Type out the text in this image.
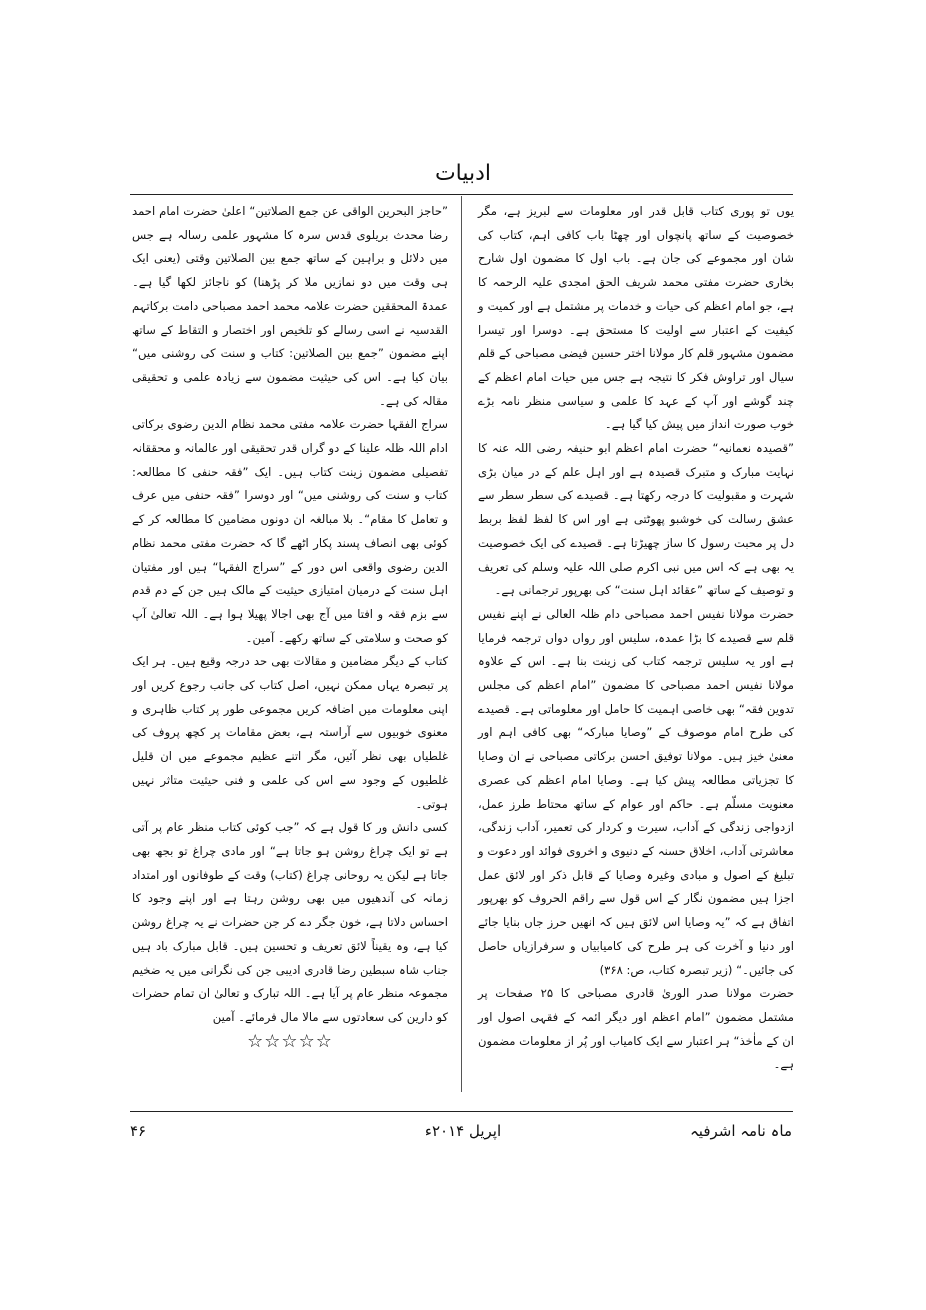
ادبیات

یوں تو پوری کتاب قابل قدر اور معلومات سے لبریز ہے، مگر خصوصیت کے ساتھ پانچواں اور چھٹا باب کافی اہم، کتاب کی شان اور مجموعے کی جان ہے۔ باب اول کا مضمون اول شارح بخاری حضرت مفتی محمد شریف الحق امجدی علیہ الرحمہ کا ہے، جو امام اعظم کی حیات و خدمات پر مشتمل ہے اور کمیت و کیفیت کے اعتبار سے اولیت کا مستحق ہے۔ دوسرا اور تیسرا مضمون مشہور قلم کار مولانا اختر حسین فیضی مصباحی کے قلم سیال اور تراوش فکر کا نتیجہ ہے جس میں حیات امام اعظم کے چند گوشے اور آپ کے عہد کا علمی و سیاسی منظر نامہ بڑے خوب صورت انداز میں پیش کیا گیا ہے۔

”قصیدہ نعمانیہ“ حضرت امام اعظم ابو حنیفہ رضی اللہ عنہ کا نہایت مبارک و متبرک قصیدہ ہے اور اہل علم کے در میان بڑی شہرت و مقبولیت کا درجہ رکھتا ہے۔ قصیدے کی سطر سطر سے عشق رسالت کی خوشبو پھوٹتی ہے اور اس کا لفظ لفظ بربط دل پر محبت رسول کا ساز چھیڑتا ہے۔ قصیدے کی ایک خصوصیت یہ بھی ہے کہ اس میں نبی اکرم صلی اللہ علیہ وسلم کی تعریف و توصیف کے ساتھ ”عقائد اہل سنت“ کی بھرپور ترجمانی ہے۔

حضرت مولانا نفیس احمد مصباحی دام ظلہ العالی نے اپنے نفیس قلم سے قصیدے کا بڑا عمدہ، سلیس اور رواں دواں ترجمہ فرمایا ہے اور یہ سلیس ترجمہ کتاب کی زینت بنا ہے۔ اس کے علاوہ مولانا نفیس احمد مصباحی کا مضمون ”امام اعظم کی مجلس تدوین فقہ“ بھی خاصی اہمیت کا حامل اور معلوماتی ہے۔ قصیدے کی طرح امام موصوف کے ”وصایا مبارکہ“ بھی کافی اہم اور معنیٰ خیز ہیں۔ مولانا توفیق احسن برکاتی مصباحی نے ان وصایا کا تجزیاتی مطالعہ پیش کیا ہے۔ وصایا امام اعظم کی عصری معنویت مسلّم ہے۔ حاکم اور عوام کے ساتھ محتاط طرز عمل، ازدواجی زندگی کے آداب، سیرت و کردار کی تعمیر، آداب زندگی، معاشرتی آداب، اخلاق حسنہ کے دنیوی و اخروی فوائد اور دعوت و تبلیغ کے اصول و مبادی وغیرہ وصایا کے قابل ذکر اور لائق عمل اجزا ہیں مضمون نگار کے اس قول سے راقم الحروف کو بھرپور اتفاق ہے کہ ”یہ وصایا اس لائق ہیں کہ انھیں حرز جاں بنایا جائے اور دنیا و آخرت کی ہر طرح کی کامیابیاں و سرفرازیاں حاصل کی جائیں۔“ (زیر تبصرہ کتاب، ص: ۳۶۸)

حضرت مولانا صدر الوریٰ قادری مصباحی کا ۲۵ صفحات پر مشتمل مضمون ”امام اعظم اور دیگر ائمہ کے فقہی اصول اور ان کے ماٰخذ“ ہر اعتبار سے ایک کامیاب اور پُر از معلومات مضمون ہے۔

”حاجز البحرین الواقی عن جمع الصلاتین“ اعلیٰ حضرت امام احمد رضا محدث بریلوی قدس سرہ کا مشہور علمی رسالہ ہے جس میں دلائل و براہین کے ساتھ جمع بین الصلاتین وقتی (یعنی ایک ہی وقت میں دو نمازیں ملا کر پڑھنا) کو ناجائز لکھا گیا ہے۔ عمدۃ المحققین حضرت علامہ محمد احمد مصباحی دامت برکاتہم القدسیہ نے اسی رسالے کو تلخیص اور اختصار و التقاط کے ساتھ اپنے مضمون ”جمع بین الصلاتین: کتاب و سنت کی روشنی میں“ بیان کیا ہے۔ اس کی حیثیت مضمون سے زیادہ علمی و تحقیقی مقالہ کی ہے۔

سراج الفقہا حضرت علامہ مفتی محمد نظام الدین رضوی برکاتی ادام اللہ ظلہ علینا کے دو گراں قدر تحقیقی اور عالمانہ و محققانہ تفصیلی مضمون زینت کتاب ہیں۔ ایک ”فقہ حنفی کا مطالعہ: کتاب و سنت کی روشنی میں“ اور دوسرا ”فقہ حنفی میں عرف و تعامل کا مقام“۔ بلا مبالغہ ان دونوں مضامین کا مطالعہ کر کے کوئی بھی انصاف پسند پکار اٹھے گا کہ حضرت مفتی محمد نظام الدین رضوی واقعی اس دور کے ”سراج الفقہا“ ہیں اور مفتیان اہل سنت کے درمیان امتیازی حیثیت کے مالک ہیں جن کے دم قدم سے بزم فقہ و افتا میں آج بھی اجالا پھیلا ہوا ہے۔ اللہ تعالیٰ آپ کو صحت و سلامتی کے ساتھ رکھے۔ آمین۔

کتاب کے دیگر مضامین و مقالات بھی حد درجہ وقیع ہیں۔ ہر ایک پر تبصرہ یہاں ممکن نہیں، اصل کتاب کی جانب رجوع کریں اور اپنی معلومات میں اضافہ کریں مجموعی طور پر کتاب ظاہری و معنوی خوبیوں سے آراستہ ہے، بعض مقامات پر کچھ پروف کی غلطیاں بھی نظر آئیں، مگر اتنے عظیم مجموعے میں ان قلیل غلطیوں کے وجود سے اس کی علمی و فنی حیثیت متاثر نہیں ہوتی۔

کسی دانش ور کا قول ہے کہ ”جب کوئی کتاب منظر عام پر آتی ہے تو ایک چراغ روشن ہو جاتا ہے“ اور مادی چراغ تو بجھ بھی جاتا ہے لیکن یہ روحانی چراغ (کتاب) وقت کے طوفانوں اور امتداد زمانہ کی آندھیوں میں بھی روشن رہتا ہے اور اپنے وجود کا احساس دلاتا ہے، خون جگر دے کر جن حضرات نے یہ چراغ روشن کیا ہے، وہ یقیناً لائق تعریف و تحسین ہیں۔ قابل مبارک باد ہیں جناب شاہ سبطین رضا قادری ادیبی جن کی نگرانی میں یہ ضخیم مجموعہ منظر عام پر آیا ہے۔ اللہ تبارک و تعالیٰ ان تمام حضرات کو دارین کی سعادتوں سے مالا مال فرمائے۔ آمین

☆☆☆☆☆

ماہ نامہ اشرفیہ
اپریل ۲۰۱۴ء
۴۶
